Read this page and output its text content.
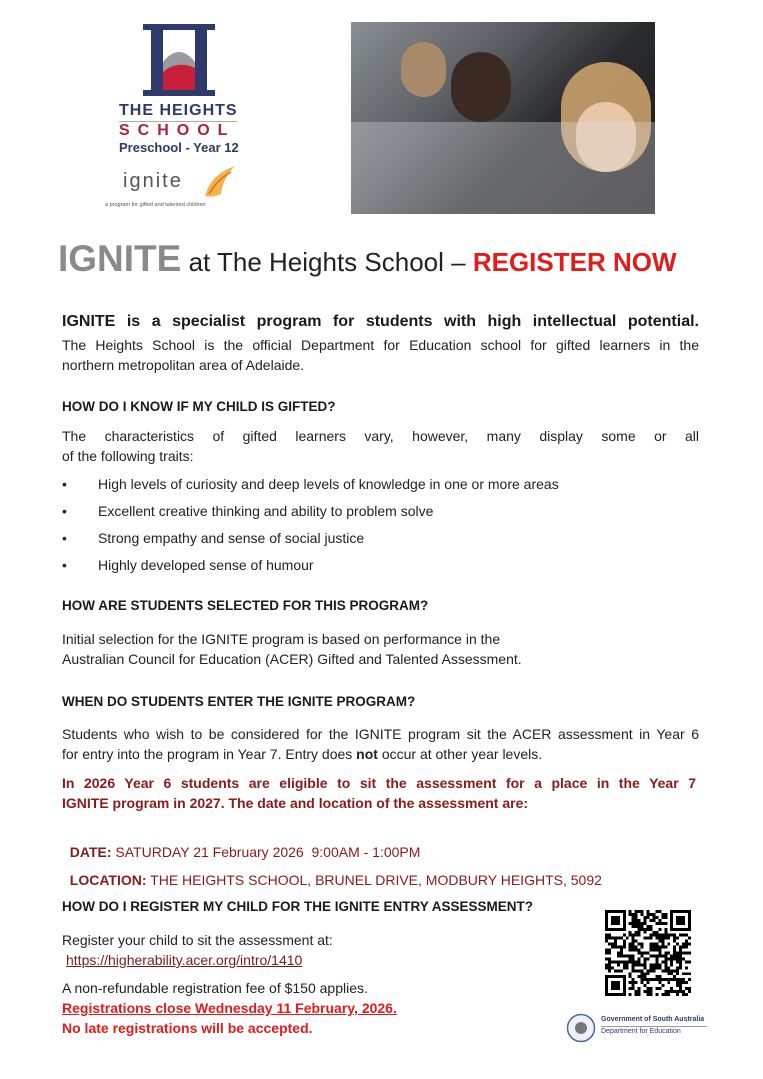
THE HEIGHTS
SCHOOL
Preschool - Year 12
ignite
a program for gifted and talented children
IGNITE at The Heights School – REGISTER NOW
IGNITE is a specialist program for students with high intellectual potential.
The Heights School is the official Department for Education school for gifted learners in the
northern metropolitan area of Adelaide.
HOW DO I KNOW IF MY CHILD IS GIFTED?
The characteristics of gifted learners vary, however, many display some or all
of the following traits:
• High levels of curiosity and deep levels of knowledge in one or more areas
• Excellent creative thinking and ability to problem solve
• Strong empathy and sense of social justice
• Highly developed sense of humour
HOW ARE STUDENTS SELECTED FOR THIS PROGRAM?
Initial selection for the IGNITE program is based on performance in the
Australian Council for Education (ACER) Gifted and Talented Assessment.
WHEN DO STUDENTS ENTER THE IGNITE PROGRAM?
Students who wish to be considered for the IGNITE program sit the ACER assessment in Year 6
for entry into the program in Year 7. Entry does not occur at other year levels.
In 2026 Year 6 students are eligible to sit the assessment for a place in the Year 7
IGNITE program in 2027. The date and location of the assessment are:

DATE: SATURDAY 21 February 2026  9:00AM - 1:00PM

LOCATION: THE HEIGHTS SCHOOL, BRUNEL DRIVE, MODBURY HEIGHTS, 5092

HOW DO I REGISTER MY CHILD FOR THE IGNITE ENTRY ASSESSMENT?
Register your child to sit the assessment at:
https://higherability.acer.org/intro/1410
A non-refundable registration fee of $150 applies.
Registrations close Wednesday 11 February, 2026.
No late registrations will be accepted.
Government of South Australia
Department for Education
